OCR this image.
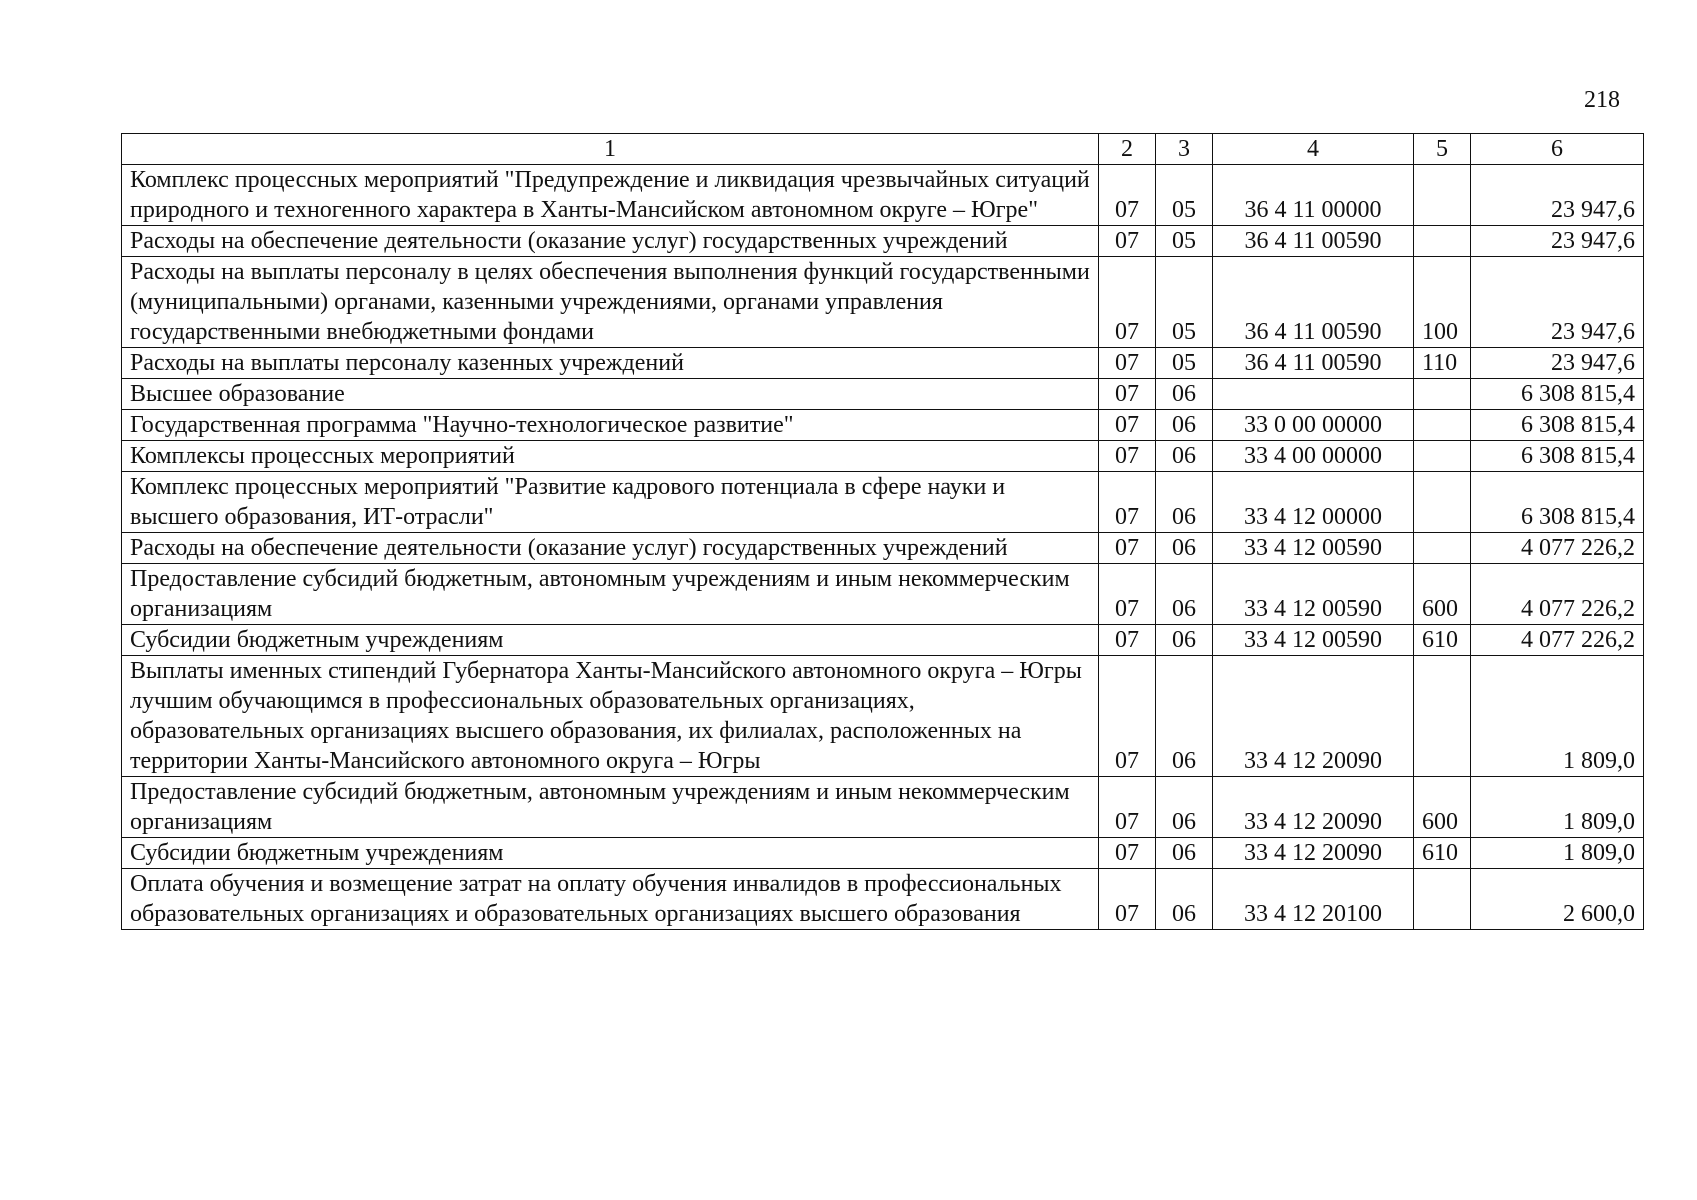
218
1	2	3	4	5	6
Комплекс процессных мероприятий "Предупреждение и ликвидация чрезвычайных ситуаций природного и техногенного характера в Ханты-Мансийском автономном округе – Югре"	07	05	36 4 11 00000		23 947,6
Расходы на обеспечение деятельности (оказание услуг) государственных учреждений	07	05	36 4 11 00590		23 947,6
Расходы на выплаты персоналу в целях обеспечения выполнения функций государственными (муниципальными) органами, казенными учреждениями, органами управления государственными внебюджетными фондами	07	05	36 4 11 00590	100	23 947,6
Расходы на выплаты персоналу казенных учреждений	07	05	36 4 11 00590	110	23 947,6
Высшее образование	07	06			6 308 815,4
Государственная программа "Научно-технологическое развитие"	07	06	33 0 00 00000		6 308 815,4
Комплексы процессных мероприятий	07	06	33 4 00 00000		6 308 815,4
Комплекс процессных мероприятий "Развитие кадрового потенциала в сфере науки и высшего образования, ИТ-отрасли"	07	06	33 4 12 00000		6 308 815,4
Расходы на обеспечение деятельности (оказание услуг) государственных учреждений	07	06	33 4 12 00590		4 077 226,2
Предоставление субсидий бюджетным, автономным учреждениям и иным некоммерческим организациям	07	06	33 4 12 00590	600	4 077 226,2
Субсидии бюджетным учреждениям	07	06	33 4 12 00590	610	4 077 226,2
Выплаты именных стипендий Губернатора Ханты-Мансийского автономного округа – Югры лучшим обучающимся в профессиональных образовательных организациях, образовательных организациях высшего образования, их филиалах, расположенных на территории Ханты-Мансийского автономного округа – Югры	07	06	33 4 12 20090		1 809,0
Предоставление субсидий бюджетным, автономным учреждениям и иным некоммерческим организациям	07	06	33 4 12 20090	600	1 809,0
Субсидии бюджетным учреждениям	07	06	33 4 12 20090	610	1 809,0
Оплата обучения и возмещение затрат на оплату обучения инвалидов в профессиональных образовательных организациях и образовательных организациях высшего образования	07	06	33 4 12 20100		2 600,0
